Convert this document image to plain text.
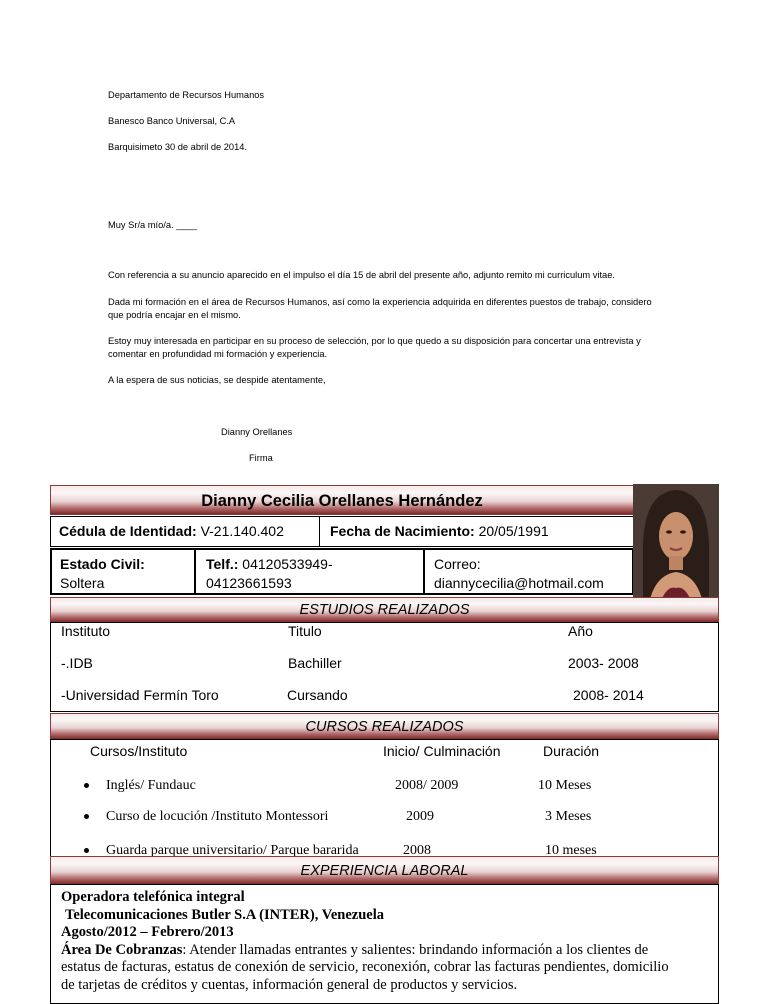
Departamento de Recursos Humanos

Banesco Banco Universal, C.A

Barquisimeto 30 de abril de 2014.

Muy Sr/a mío/a. ____

Con referencia a su anuncio aparecido en el impulso el día 15 de abril del presente año, adjunto remito mi curriculum vitae.

Dada mi formación en el área de Recursos Humanos, así como la experiencia adquirida en diferentes puestos de trabajo, considero que podría encajar en el mismo.

Estoy muy interesada en participar en su proceso de selección, por lo que quedo a su disposición para concertar una entrevista y comentar en profundidad mi formación y experiencia.

A la espera de sus noticias, se despide atentamente,

Dianny Orellanes

Firma

Dianny Cecilia Orellanes Hernández
Cédula de Identidad: V-21.140.402	Fecha de Nacimiento: 20/05/1991
Estado Civil:
Soltera
Telf.: 04120533949-
04123661593
Correo:
diannycecilia@hotmail.com
ESTUDIOS REALIZADOS
Instituto	Titulo	Año
-.IDB	Bachiller	2003- 2008
-Universidad Fermín Toro	Cursando	2008- 2014
CURSOS REALIZADOS
Cursos/Instituto	Inicio/ Culminación	Duración
Inglés/ Fundauc	2008/ 2009	10 Meses
Curso de locución /Instituto Montessori	2009	3 Meses
Guarda parque universitario/ Parque bararida	2008	10 meses
EXPERIENCIA LABORAL
Operadora telefónica integral
Telecomunicaciones Butler S.A (INTER), Venezuela
Agosto/2012 – Febrero/2013
Área De Cobranzas: Atender llamadas entrantes y salientes: brindando información a los clientes de
estatus de facturas, estatus de conexión de servicio, reconexión, cobrar las facturas pendientes, domicilio
de tarjetas de créditos y cuentas, información general de productos y servicios.
